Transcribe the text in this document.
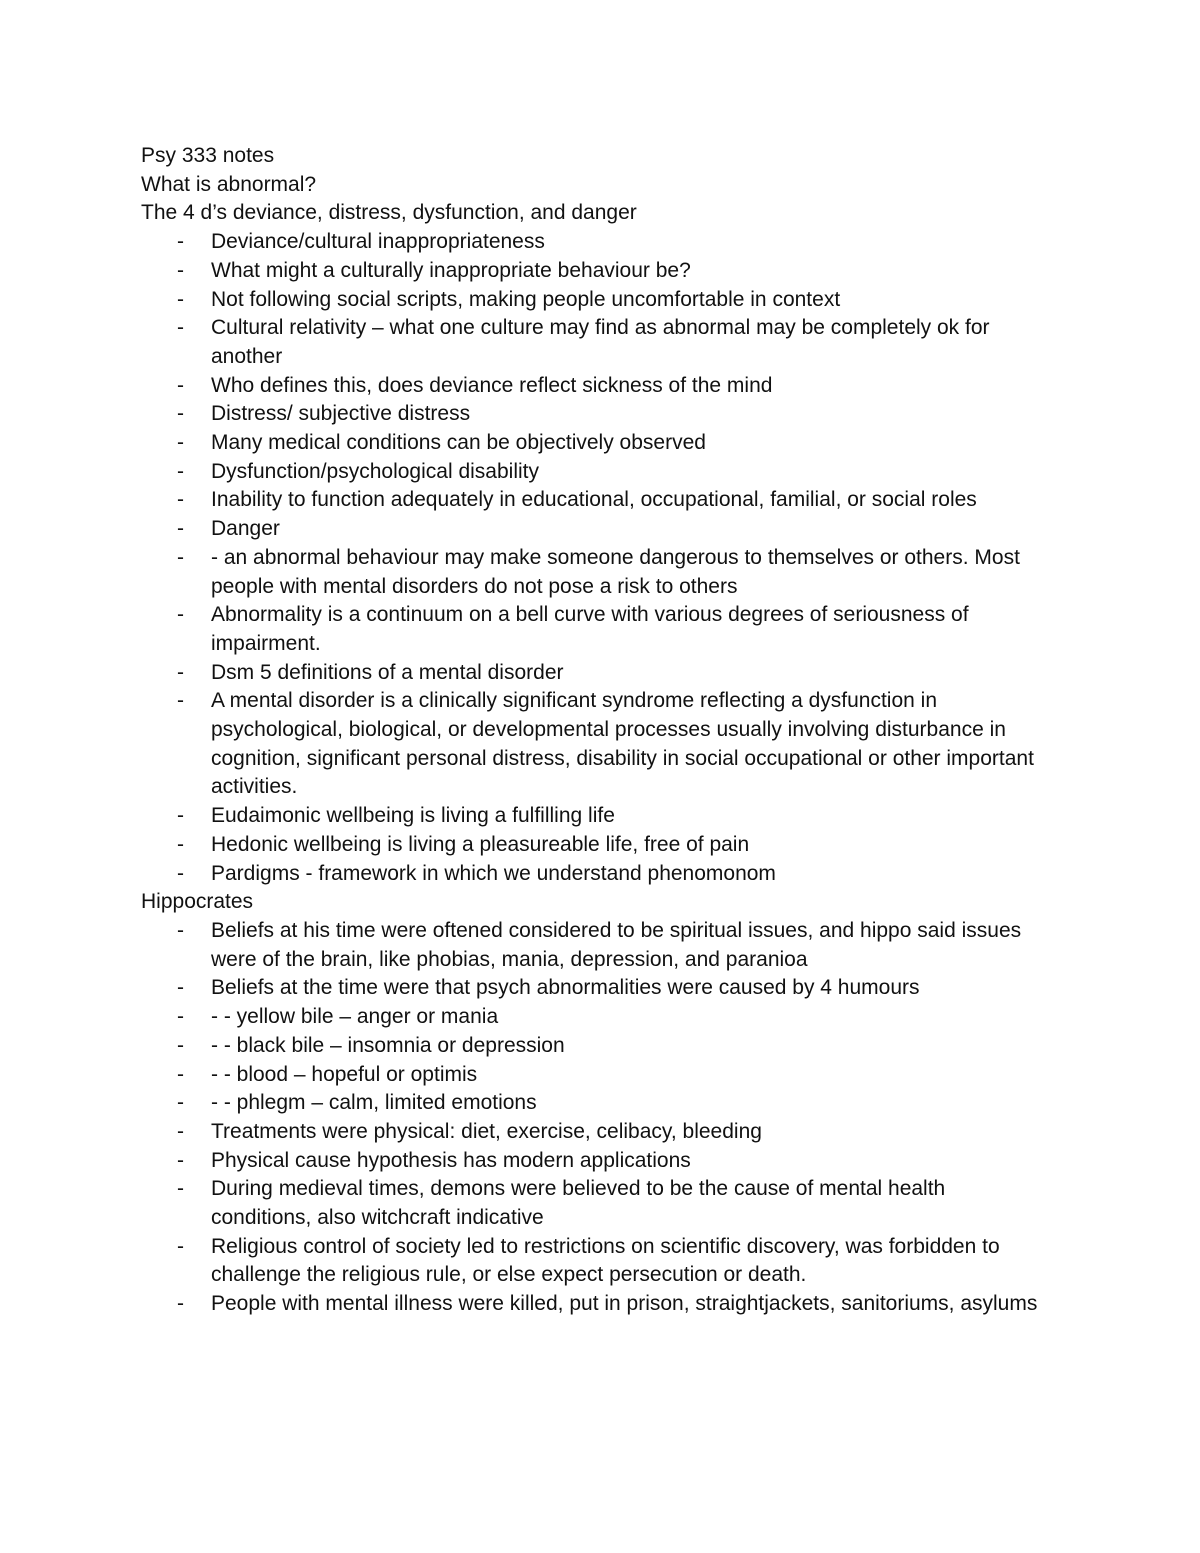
Psy 333 notes

What is abnormal?

The 4 d’s deviance, distress, dysfunction, and danger

- Deviance/cultural inappropriateness
- What might a culturally inappropriate behaviour be?
- Not following social scripts, making people uncomfortable in context
- Cultural relativity – what one culture may find as abnormal may be completely ok for another
- Who defines this, does deviance reflect sickness of the mind
- Distress/ subjective distress
- Many medical conditions can be objectively observed
- Dysfunction/psychological disability
- Inability to function adequately in educational, occupational, familial, or social roles
- Danger
- - an abnormal behaviour may make someone dangerous to themselves or others. Most people with mental disorders do not pose a risk to others
- Abnormality is a continuum on a bell curve with various degrees of seriousness of impairment.
- Dsm 5 definitions of a mental disorder
- A mental disorder is a clinically significant syndrome reflecting a dysfunction in psychological, biological, or developmental processes usually involving disturbance in cognition, significant personal distress, disability in social occupational or other important activities.
- Eudaimonic wellbeing is living a fulfilling life
- Hedonic wellbeing is living a pleasureable life, free of pain
- Pardigms - framework in which we understand phenomonom

Hippocrates

- Beliefs at his time were oftened considered to be spiritual issues, and hippo said issues were of the brain, like phobias, mania, depression, and paranioa
- Beliefs at the time were that psych abnormalities were caused by 4 humours
- - - yellow bile – anger or mania
- - - black bile – insomnia or depression
- - - blood – hopeful or optimis
- - - phlegm – calm, limited emotions
- Treatments were physical: diet, exercise, celibacy, bleeding
- Physical cause hypothesis has modern applications
- During medieval times, demons were believed to be the cause of mental health conditions, also witchcraft indicative
- Religious control of society led to restrictions on scientific discovery, was forbidden to challenge the religious rule, or else expect persecution or death.
- People with mental illness were killed, put in prison, straightjackets, sanitoriums, asylums
